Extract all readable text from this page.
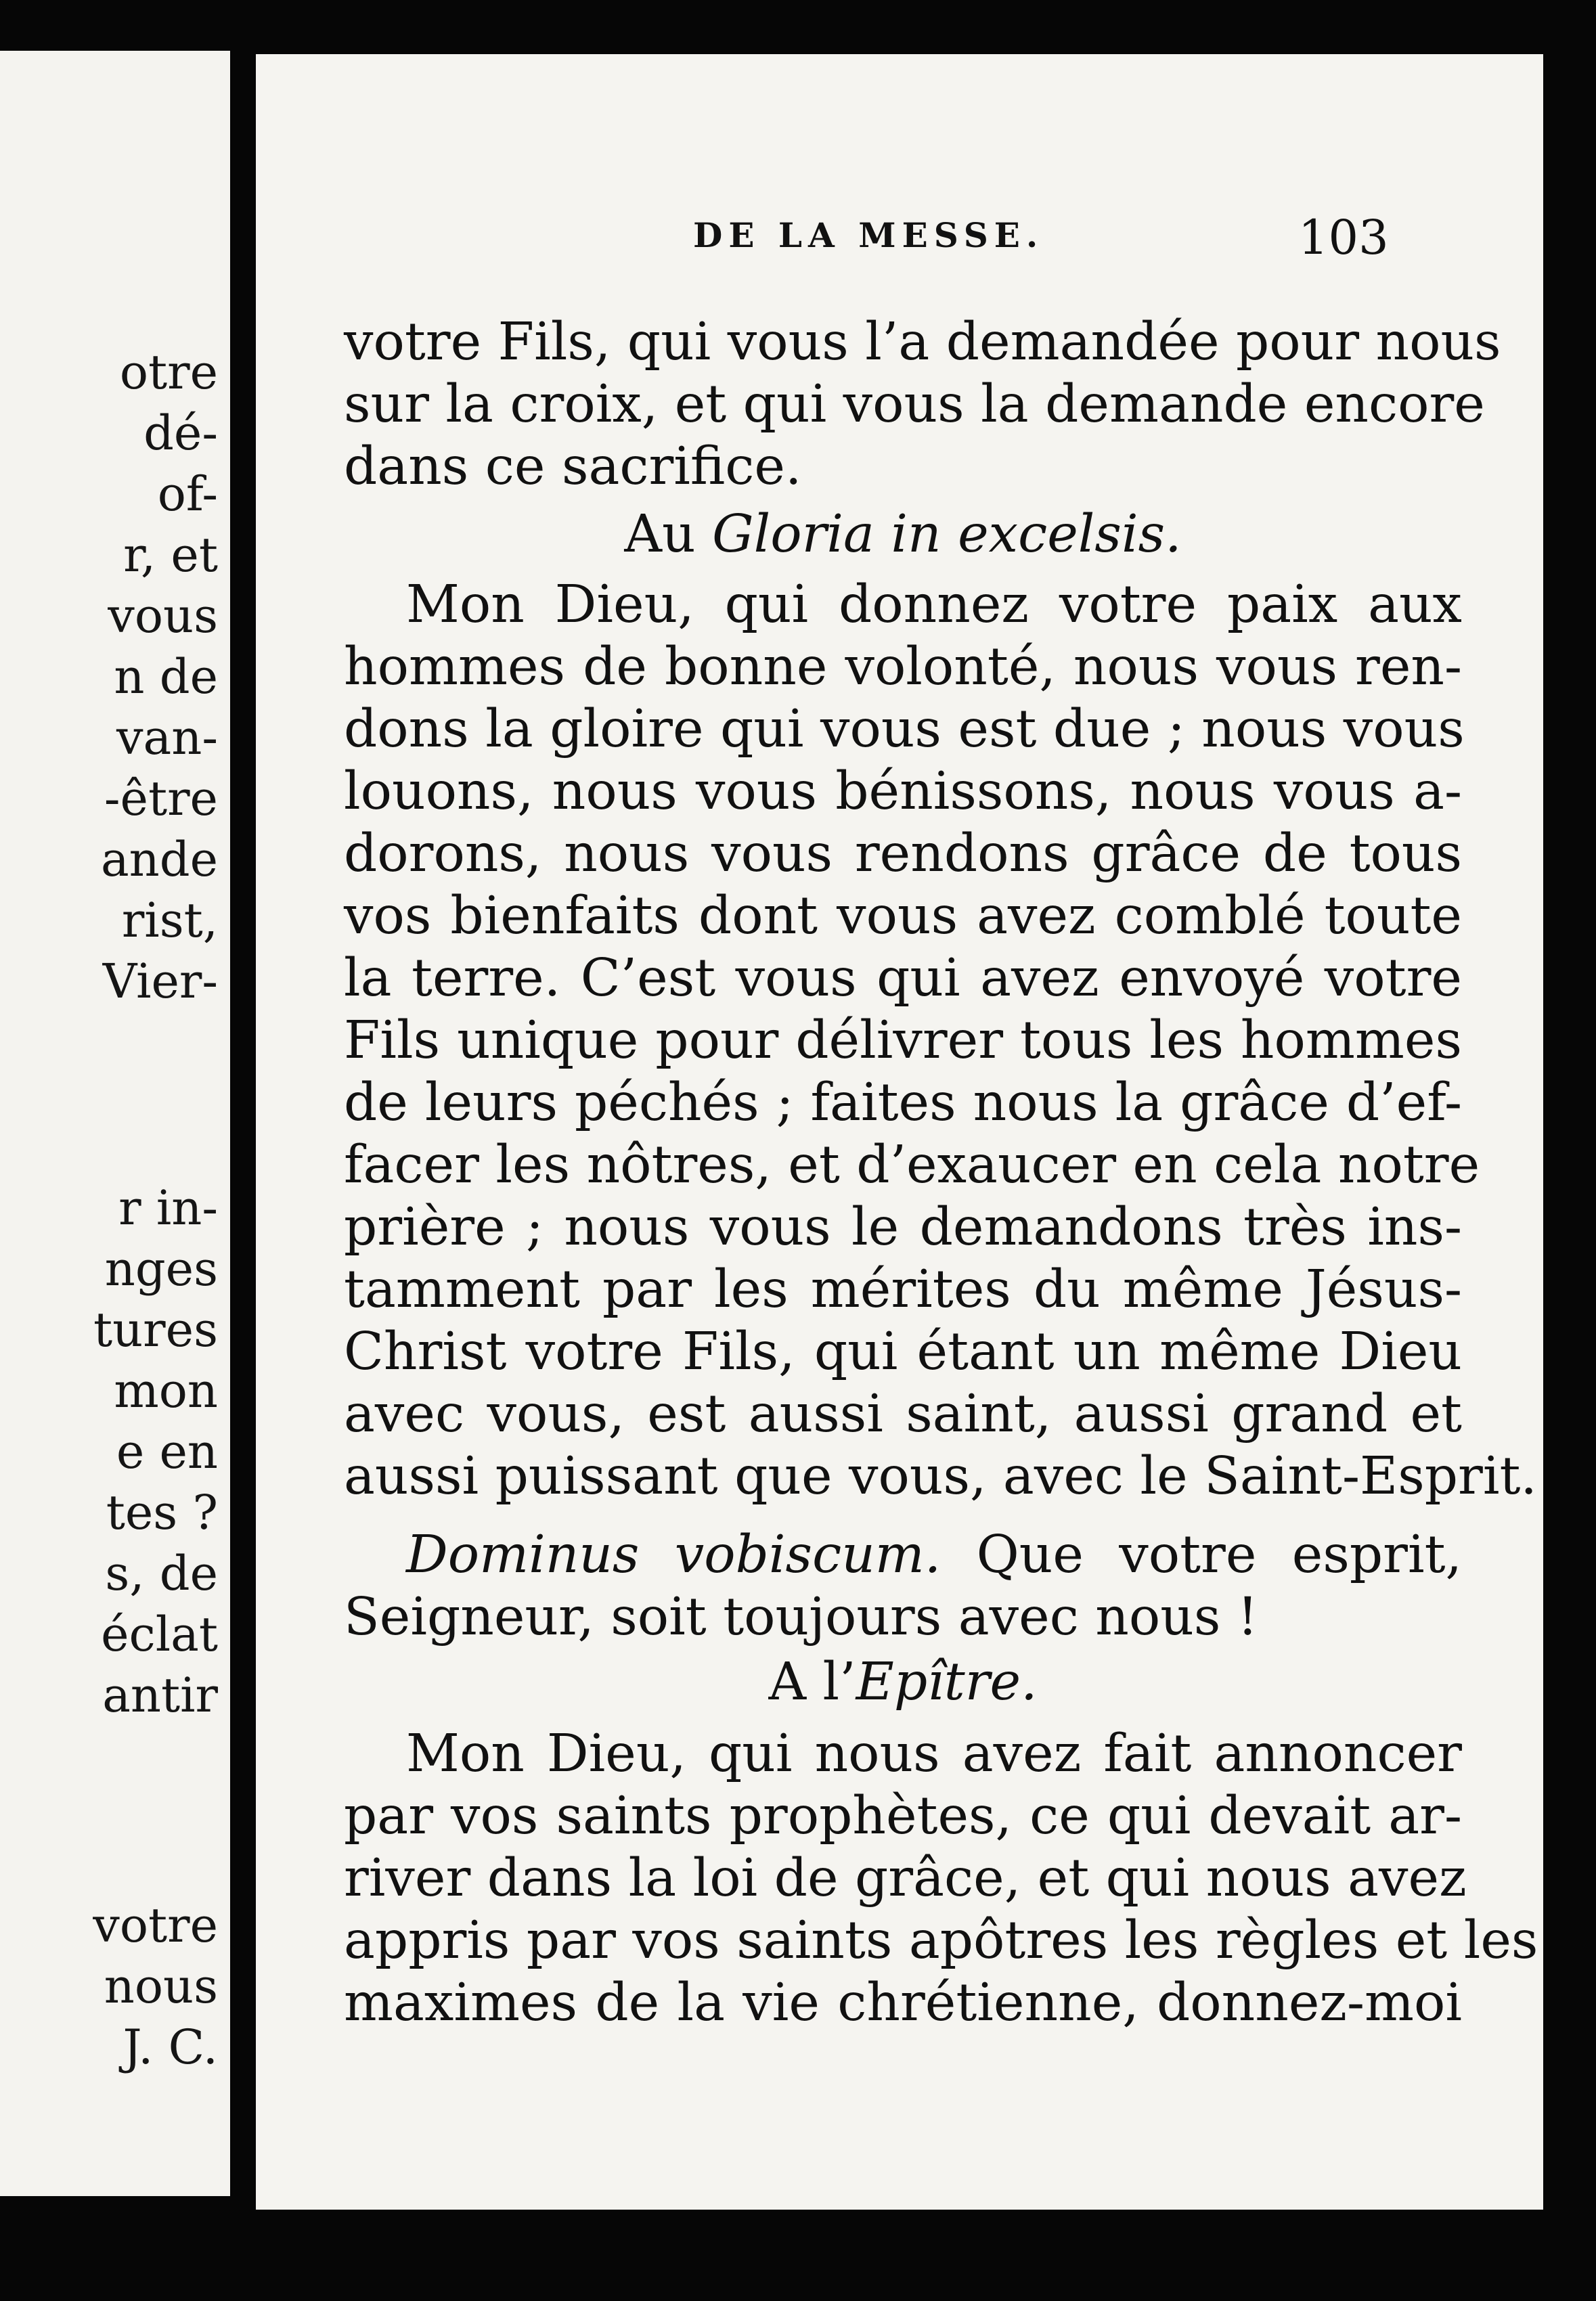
otre
dé-
of-
r, et
vous
n de
van-
-être
ande
rist,
Vier-
r in-
nges
tures
mon
e en
tes ?
s, de
éclat
antir
votre
nous
J. C.
DE LA MESSE.	103
votre Fils, qui vous l’a demandée pour nous
sur la croix, et qui vous la demande encore
dans ce sacrifice.
Au Gloria in excelsis.
Mon Dieu, qui donnez votre paix aux
hommes de bonne volonté, nous vous ren-
dons la gloire qui vous est due ; nous vous
louons, nous vous bénissons, nous vous a-
dorons, nous vous rendons grâce de tous
vos bienfaits dont vous avez comblé toute
la terre. C’est vous qui avez envoyé votre
Fils unique pour délivrer tous les hommes
de leurs péchés ; faites nous la grâce d’ef-
facer les nôtres, et d’exaucer en cela notre
prière ; nous vous le demandons très ins-
tamment par les mérites du même Jésus-
Christ votre Fils, qui étant un même Dieu
avec vous, est aussi saint, aussi grand et
aussi puissant que vous, avec le Saint-Esprit.
Dominus vobiscum. Que votre esprit,
Seigneur, soit toujours avec nous !
A l’Epître.
Mon Dieu, qui nous avez fait annoncer
par vos saints prophètes, ce qui devait ar-
river dans la loi de grâce, et qui nous avez
appris par vos saints apôtres les règles et les
maximes de la vie chrétienne, donnez-moi
